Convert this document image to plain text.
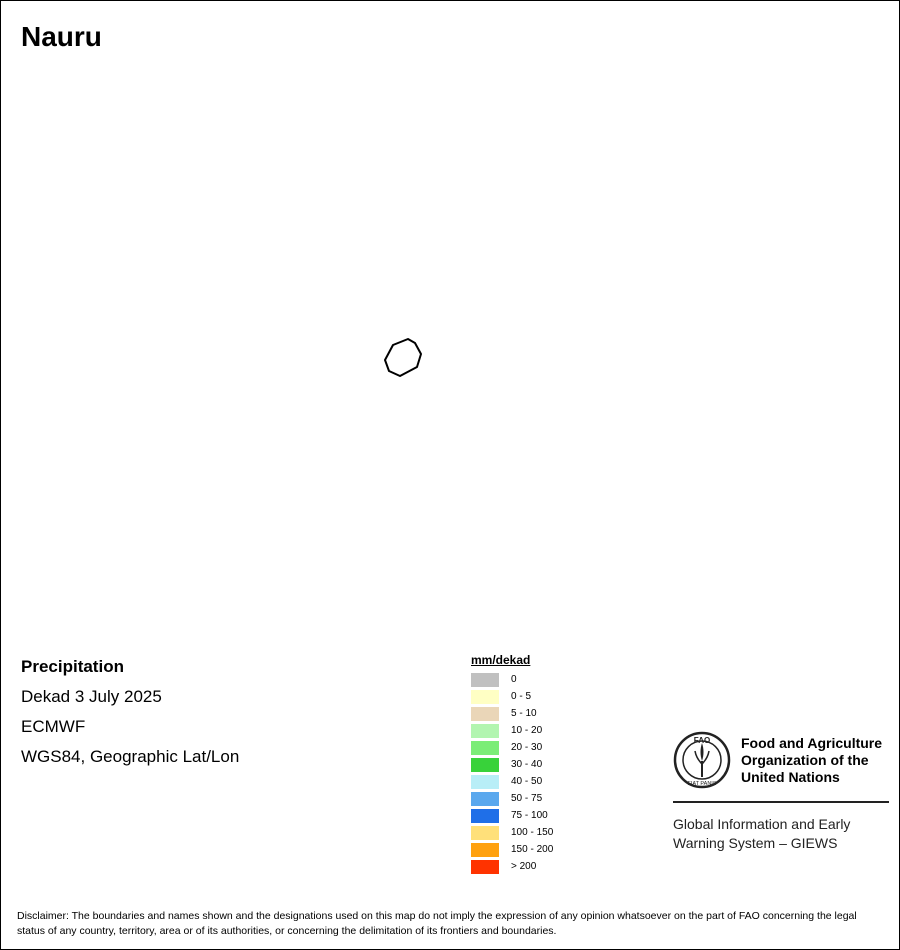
Nauru
Precipitation
Dekad 3 July 2025
ECMWF
WGS84, Geographic Lat/Lon
mm/dekad
0
0 - 5
5 - 10
10 - 20
20 - 30
30 - 40
40 - 50
50 - 75
75 - 100
100 - 150
150 - 200
> 200
FAO
FIAT PANIS
Food and Agriculture
Organization of the
United Nations
Global Information and Early
Warning System – GIEWS
Disclaimer: The boundaries and names shown and the designations used on this map do not imply the expression of any opinion whatsoever on the part of FAO concerning the legal status of any country, territory, area or of its authorities, or concerning the delimitation of its frontiers and boundaries.
